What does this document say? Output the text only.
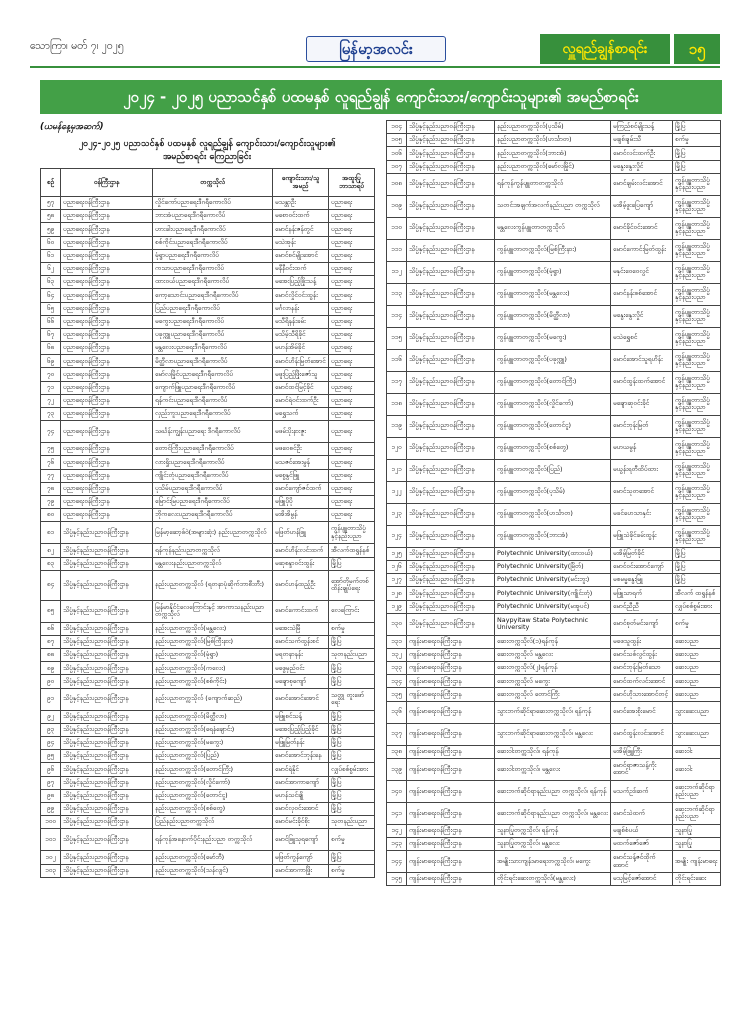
သောကြာ၊ မတ် ၇၊ ၂၀၂၅	မြန်မာ့အလင်း	လှူရည်ချွန်စာရင်း	၁၅
၂၀၂၄ - ၂၀၂၅ ပညာသင်နှစ် ပထမနှစ် လူရည်ချွန် ကျောင်းသား/ကျောင်းသူများ၏ အမည်စာရင်း
(ယမန်နေ့မှအဆက်)
၂၀၂၄-၂၀၂၅ ပညာသင်နှစ် ပထမနှစ် လူရည်ချွန် ကျောင်းသား/ကျောင်းသူများ၏
အမည်စာရင်း ကြေညာခြင်း
စဉ်	ဝန်ကြီးဌာန	တက္ကသိုလ်	ကျောင်းသား/သူ အမည်	အထူးပြု ဘာသာရပ်
၅၇	ပညာရေးဝန်ကြီးဌာန	လှိုင်ကော်ပညာရေးဒီဂရီကောလိပ်	မသန္တာဦး	ပညာရေး
၅၈	ပညာရေးဝန်ကြီးဌာန	ဘားအံပညာရေးဒီဂရီကောလိပ်	မစောဝင်းထက်	ပညာရေး
၅၉	ပညာရေးဝန်ကြီးဌာန	ဟားခါးပညာရေးဒီဂရီကောလိပ်	မောင်နန်းဇန်တွင်	ပညာရေး
၆၀	ပညာရေးဝန်ကြီးဌာန	စစ်ကိုင်းပညာရေးဒီဂရီကောလိပ်	မသဲအုန်း	ပညာရေး
၆၁	ပညာရေးဝန်ကြီးဌာန	မုံရွာပညာရေးဒီဂရီကောလိပ်	မောင်စင်မျိုးအောင်	ပညာရေး
၆၂	ပညာရေးဝန်ကြီးဌာန	ကသာပညာရေးဒီဂရီကောလိပ်	မနီနီဝင်းထက်	ပညာရေး
၆၃	ပညာရေးဝန်ကြီးဌာန	ထားဝယ်ပညာရေးဒီဂရီကောလိပ်	မအေးပြည့်ဖြိုးသန့်	ပညာရေး
၆၄	ပညာရေးဝန်ကြီးဌာန	ကော့သောင်းပညာရေးဒီဂရီကောလိပ်	မောင်လှိုင်ဝင်းထွန်း	ပညာရေး
၆၅	ပညာရေးဝန်ကြီးဌာန	ပြည်ပညာရေးဒီဂရီကောလိပ်	မင်္ဂလာနန်း	ပညာရေး
၆၆	ပညာရေးဝန်ကြီးဌာန	မကွေးပညာရေးဒီဂရီကောလိပ်	မသီရိနန်းခမ်း	ပညာရေး
၆၇	ပညာရေးဝန်ကြီးဌာန	ပခုက္ကူပညာရေးဒီဂရီကောလိပ်	မသိမ့်သီရိခိုင်	ပညာရေး
၆၈	ပညာရေးဝန်ကြီးဌာန	မန္တလေးပညာရေးဒီဂရီကောလိပ်	မဟန်အိမ်ခိုင်	ပညာရေး
၆၉	ပညာရေးဝန်ကြီးဌာန	မိတ္ထီလာပညာရေးဒီဂရီကောလိပ်	မောင်ဟိန်းမြတ်အောင်	ပညာရေး
၇၀	ပညာရေးဝန်ကြီးဌာန	မော်လမြိုင်ပညာရေးဒီဂရီကောလိပ်	မဖူးပြည့်ဖြိုးဇော်သူ	ပညာရေး
၇၁	ပညာရေးဝန်ကြီးဌာန	ကျောက်ဖြူပညာရေးဒီဂရီကောလိပ်	မောင်ထင်မြင့်ခိုင်	ပညာရေး
၇၂	ပညာရေးဝန်ကြီးဌာန	ရန်ကင်းပညာရေးဒီဂရီကောလိပ်	မောင်ရဲဝင်းထက်ဦး	ပညာရေး
၇၃	ပညာရေးဝန်ကြီးဌာန	လှည်းကူးပညာရေးဒီဂရီကောလိပ်	မရွှေသက်	ပညာရေး
၇၄	ပညာရေးဝန်ကြီးဌာန	သင်္ဃန်းကျွန်းပညာရေး ဒီဂရီကောလိပ်	မဖမ်းပိုးနားဇူး	ပညာရေး
၇၅	ပညာရေးဝန်ကြီးဌာန	တောင်ကြီးပညာရေးဒီဂရီကောလိပ်	မဖဝေစင်ဦး	ပညာရေး
၇၆	ပညာရေးဝန်ကြီးဌာန	လားရှိုးပညာရေးဒီဂရီကောလိပ်	မသဇင်အေးမွန်	ပညာရေး
၇၇	ပညာရေးဝန်ကြီးဌာန	ကျိုင်းတုံပညာရေးဒီဂရီကောလိပ်	မစွေနွင်ဖြူ	ပညာရေး
၇၈	ပညာရေးဝန်ကြီးဌာန	ပုသိမ်ပညာရေးဒီဂရီကောလိပ်	မောင်ကျော်ဇင်ထက်	ပညာရေး
၇၉	ပညာရေးဝန်ကြီးဌာန	မြောင်းမြပညာရေးဒီဂရီကောလိပ်	မဖြူပိုပို	ပညာရေး
၈၀	ပညာရေးဝန်ကြီးဌာန	ဘိုကလေးပညာရေးဒီဂရီကောလိပ်	မအိအိမွန်	ပညာရေး
၈၁	သိပ္ပံနှင့်နည်းပညာဝန်ကြီးဌာန	မြန်မာ့ဆော့ဖ်ဝဲ(အများဆုံး) နည်းပညာတက္ကသိုလ်	မဖြတ်ဟန်ဖြူ	ကွန်ပျူတာသိပ္ပံ နှင့်နည်းပညာ
၈၂	သိပ္ပံနှင့်နည်းပညာဝန်ကြီးဌာန	ရန်ကုန်နည်းပညာတက္ကသိုလ်	မောင်ဟိန်းလင်းထက်	အီလက်ထရွန်နစ်
၈၃	သိပ္ပံနှင့်နည်းပညာဝန်ကြီးဌာန	မန္တလေးနည်းပညာတက္ကသိုလ်	မဆုစန္ဒာဝင်းထွန်း	မြို့ပြ
၈၄	သိပ္ပံနှင့်နည်းပညာဝန်ကြီးဌာန	နည်းပညာတက္ကသိုလ် (ရတနာပုံဆိုက်ဘာစီးတီး)	မောင်ဟန်ထည့်ဦး	အော်တိုမက်တစ် ထိန်းချုပ်ရေး
၈၅	သိပ္ပံနှင့်နည်းပညာဝန်ကြီးဌာန	မြန်မာနိုင်ငံလေကြောင်းနှင့် အာကာသနည်းပညာတက္ကသိုလ်	မောင်ကောင်းထက်	လေကြောင်း
၈၆	သိပ္ပံနှင့်နည်းပညာဝန်ကြီးဌာန	နည်းပညာတက္ကသိုလ်(မန္တလေး)	မအေးသဲမြီ	စက်မှု
၈၇	သိပ္ပံနှင့်နည်းပညာဝန်ကြီးဌာန	နည်းပညာတက္ကသိုလ်(မြစ်ကြီးနား)	မောင်သက်ထွန်းစင်	မြို့ပြ
၈၈	သိပ္ပံနှင့်နည်းပညာဝန်ကြီးဌာန	နည်းပညာတက္ကသိုလ်(မုံရွာ)	မရတနာနန်း	သုတနည်းပညာ
၈၉	သိပ္ပံနှင့်နည်းပညာဝန်ကြီးဌာန	နည်းပညာတက္ကသိုလ်(ကလေး)	မဖွေမှည်ဝင်း	မြို့ပြ
၉၀	သိပ္ပံနှင့်နည်းပညာဝန်ကြီးဌာန	နည်းပညာတက္ကသိုလ်(စစ်ကိုင်း)	မချောစုကျော်	မြို့ပြ
၉၁	သိပ္ပံနှင့်နည်းပညာဝန်ကြီးဌာန	နည်းပညာတက္ကသိုလ် (ကျောက်ဆည်)	မောင်အောင်အောင်	သတ္တု တူးဖော်ရေး
၉၂	သိပ္ပံနှင့်နည်းပညာဝန်ကြီးဌာန	နည်းပညာတက္ကသိုလ်(မိတ္ထီလာ)	မဖြူစင်သန့်	မြို့ပြ
၉၃	သိပ္ပံနှင့်နည်းပညာဝန်ကြီးဌာန	နည်းပညာတက္ကသိုလ်(ရေနံချောင်း)	မအေးပြည့်ပြည့်ခိုင်	မြို့ပြ
၉၄	သိပ္ပံနှင့်နည်းပညာဝန်ကြီးဌာန	နည်းပညာတက္ကသိုလ်(မကွေး)	မဖြူမြတ်နန်း	မြို့ပြ
၉၅	သိပ္ပံနှင့်နည်းပညာဝန်ကြီးဌာန	နည်းပညာတက္ကသိုလ်(ပြည်)	မောင်အောင်ဘုန်းနေ	မြို့ပြ
၉၆	သိပ္ပံနှင့်နည်းပညာဝန်ကြီးဌာန	နည်းပညာတက္ကသိုလ်(တောင်ကြီး)	မောင်ရဲနိုင်	လျှပ်စစ်စွမ်းအား
၉၇	သိပ္ပံနှင့်နည်းပညာဝန်ကြီးဌာန	နည်းပညာတက္ကသိုလ်(လှိုင်ကော်)	မောင်အာကာကျော်	မြို့ပြ
၉၈	သိပ္ပံနှင့်နည်းပညာဝန်ကြီးဌာန	နည်းပညာတက္ကသိုလ်(တောင်ငူ)	မဟန်သင်ချို	မြို့ပြ
၉၉	သိပ္ပံနှင့်နည်းပညာဝန်ကြီးဌာန	နည်းပညာတက္ကသိုလ်(စစ်တွေ)	မောင်လှဝင်းအောင်	မြို့ပြ
၁၀၀	သိပ္ပံနှင့်နည်းပညာဝန်ကြီးဌာန	ပြည်နည်းပညာတက္ကသိုလ်	မောင်မင်းခိုင်စိုး	သုတနည်းပညာ
၁၀၁	သိပ္ပံနှင့်နည်းပညာဝန်ကြီးဌာန	ရန်ကုန်အနောက်ပိုင်းနည်းပညာ တက္ကသိုလ်	မောင်ဖြူသုရကျော်	စက်မှု
၁၀၂	သိပ္ပံနှင့်နည်းပညာဝန်ကြီးဌာန	နည်းပညာတက္ကသိုလ်(မော်ဘီ)	မဖြတ်ကွန်ကျော်	မြို့ပြ
၁၀၃	သိပ္ပံနှင့်နည်းပညာဝန်ကြီးဌာန	နည်းပညာတက္ကသိုလ်(သန်လျင်)	မောင်အာကာဖြိုး	စက်မှု
၁၀၄	သိပ္ပံနှင့်နည်းပညာဝန်ကြီးဌာန	နည်းပညာတက္ကသိုလ်(ပုသိမ်)	မကြည်စင်မျိုးသန့်	မြို့ပြ
၁၀၅	သိပ္ပံနှင့်နည်းပညာဝန်ကြီးဌာန	နည်းပညာတက္ကသိုလ်(ဟင်္သာတ)	မချစ်ချမ်းသီ	စက်မှု
၁၀၆	သိပ္ပံနှင့်နည်းပညာဝန်ကြီးဌာန	နည်းပညာတက္ကသိုလ်(ဘားအံ)	မောင်လင်းထက်ဦး	မြို့ပြ
၁၀၇	သိပ္ပံနှင့်နည်းပညာဝန်ကြီးဌာန	နည်းပညာတက္ကသိုလ်(မော်လမြိုင်)	မနွေးနွေးလှိုင်	မြို့ပြ
၁၀၈	သိပ္ပံနှင့်နည်းပညာဝန်ကြီးဌာန	ရန်ကုန်ကွန်ပျူတာတက္ကသိုလ်	မောင်ချမ်းလင်းအောင်	ကွန်ပျူတာသိပ္ပံ နှင့်နည်းပညာ
၁၀၉	သိပ္ပံနှင့်နည်းပညာဝန်ကြီးဌာန	သတင်းအချက်အလက်နည်းပညာ တက္ကသိုလ်	မအိမ့်ဖူးပြေကျော်	ကွန်ပျူတာသိပ္ပံ နှင့်နည်းပညာ
၁၁၀	သိပ္ပံနှင့်နည်းပညာဝန်ကြီးဌာန	မန္တလေးကွန်ပျူတာတက္ကသိုလ်	မောင်ခိုင်ဝင်းအောင်	ကွန်ပျူတာသိပ္ပံ နှင့်နည်းပညာ
၁၁၁	သိပ္ပံနှင့်နည်းပညာဝန်ကြီးဌာန	ကွန်ပျူတာတက္ကသိုလ်(မြစ်ကြီးနား)	မောင်ကောင်းမြတ်ထွန်း	ကွန်ပျူတာသိပ္ပံ နှင့်နည်းပညာ
၁၁၂	သိပ္ပံနှင့်နည်းပညာဝန်ကြီးဌာန	ကွန်ပျူတာတက္ကသိုလ်(မုံရွာ)	မနှင်းဝေဝေလွင်	ကွန်ပျူတာသိပ္ပံ နှင့်နည်းပညာ
၁၁၃	သိပ္ပံနှင့်နည်းပညာဝန်ကြီးဌာန	ကွန်ပျူတာတက္ကသိုလ်(မန္တလေး)	မောင်နန်းစစ်အောင်	ကွန်ပျူတာသိပ္ပံ နှင့်နည်းပညာ
၁၁၄	သိပ္ပံနှင့်နည်းပညာဝန်ကြီးဌာန	ကွန်ပျူတာတက္ကသိုလ်(မိတ္ထီလာ)	မနွေးနွေးလှိုင်	ကွန်ပျူတာသိပ္ပံ နှင့်နည်းပညာ
၁၁၅	သိပ္ပံနှင့်နည်းပညာဝန်ကြီးဌာန	ကွန်ပျူတာတက္ကသိုလ်(မကွေး)	မသဲရွှေစင်	ကွန်ပျူတာသိပ္ပံ နှင့်နည်းပညာ
၁၁၆	သိပ္ပံနှင့်နည်းပညာဝန်ကြီးဌာန	ကွန်ပျူတာတက္ကသိုလ်(ပခုက္ကူ)	မောင်အောင်သူရဟိန်း	ကွန်ပျူတာသိပ္ပံ နှင့်နည်းပညာ
၁၁၇	သိပ္ပံနှင့်နည်းပညာဝန်ကြီးဌာန	ကွန်ပျူတာတက္ကသိုလ်(တောင်ကြီး)	မောင်ထွန်းထက်အောင်	ကွန်ပျူတာသိပ္ပံ နှင့်နည်းပညာ
၁၁၈	သိပ္ပံနှင့်နည်းပညာဝန်ကြီးဌာန	ကွန်ပျူတာတက္ကသိုလ်(လှိုင်ကော်)	မချောဆုဝင်းခိုင်	ကွန်ပျူတာသိပ္ပံ နှင့်နည်းပညာ
၁၁၉	သိပ္ပံနှင့်နည်းပညာဝန်ကြီးဌာန	ကွန်ပျူတာတက္ကသိုလ်(တောင်ငူ)	မောင်ဘုန်းမြတ်	ကွန်ပျူတာသိပ္ပံ နှင့်နည်းပညာ
၁၂၀	သိပ္ပံနှင့်နည်းပညာဝန်ကြီးဌာန	ကွန်ပျူတာတက္ကသိုလ်(စစ်တွေ)	မဟယမွန်	ကွန်ပျူတာသိပ္ပံ နှင့်နည်းပညာ
၁၂၁	သိပ္ပံနှင့်နည်းပညာဝန်ကြီးဌာန	ကွန်ပျူတာတက္ကသိုလ်(ပြည်)	မယွန်းရတီထိပ်ထား	ကွန်ပျူတာသိပ္ပံ နှင့်နည်းပညာ
၁၂၂	သိပ္ပံနှင့်နည်းပညာဝန်ကြီးဌာန	ကွန်ပျူတာတက္ကသိုလ်(ပုသိမ်)	မောင်သုတအောင်	ကွန်ပျူတာသိပ္ပံ နှင့်နည်းပညာ
၁၂၃	သိပ္ပံနှင့်နည်းပညာဝန်ကြီးဌာန	ကွန်ပျူတာတက္ကသိုလ်(ဟင်္သာတ)	မခင်ဟေသာနှင်း	ကွန်ပျူတာသိပ္ပံ နှင့်နည်းပညာ
၁၂၄	သိပ္ပံနှင့်နည်းပညာဝန်ကြီးဌာန	ကွန်ပျူတာတက္ကသိုလ်(ဘားအံ)	မဖြူသဲခိုင်ခမ်းထွန်း	ကွန်ပျူတာသိပ္ပံ နှင့်နည်းပညာ
၁၂၅	သိပ္ပံနှင့်နည်းပညာဝန်ကြီးဌာန	Polytechnic University(ထားဝယ်)	မအိမ့်မြတ်ခိုင်	မြို့ပြ
၁၂၆	သိပ္ပံနှင့်နည်းပညာဝန်ကြီးဌာန	Polytechnic University(မြိတ်)	မောင်ဝင်းအောင်ကျော်	မြို့ပြ
၁၂၇	သိပ္ပံနှင့်နည်းပညာဝန်ကြီးဌာန	Polytechnic University(မင်းဘူး)	မစမမ္မနွေးမြူ	မြို့ပြ
၁၂၈	သိပ္ပံနှင့်နည်းပညာဝန်ကြီးဌာန	Polytechnic University(ကျိုင်းတုံ)	မဖြူသာရက်	အီလက် ထရွန်နစ်
၁၂၉	သိပ္ပံနှင့်နည်းပညာဝန်ကြီးဌာန	Polytechnic University(မအူပင်)	မောင်ညီညီ	လျှပ်စစ်စွမ်းအား
၁၃၀	သိပ္ပံနှင့်နည်းပညာဝန်ကြီးဌာန	Naypyitaw State Polytechnic University	မောင်စုတ်မင်းကျော်	စက်မှု
၁၃၁	ကျန်းမာရေးဝန်ကြီးဌာန	ဆေးတက္ကသိုလ်(၁)ရန်ကုန်	မဖေသူထွန်း	ဆေးပညာ
၁၃၂	ကျန်းမာရေးဝန်ကြီးဌာန	ဆေးတက္ကသိုလ် မန္တလေး	မောင်သစ်လွင်ထွန်း	ဆေးပညာ
၁၃၃	ကျန်းမာရေးဝန်ကြီးဌာန	ဆေးတက္ကသိုလ်(၂)ရန်ကုန်	မောင်ဘုန်းမြတ်သော	ဆေးပညာ
၁၃၄	ကျန်းမာရေးဝန်ကြီးဌာန	ဆေးတက္ကသိုလ် မကွေး	မောင်ထက်လင်းအောင်	ဆေးပညာ
၁၃၅	ကျန်းမာရေးဝန်ကြီးဌာန	ဆေးတက္ကသိုလ် တောင်ကြီး	မောင်ဟိုသားအောင်တင့်	ဆေးပညာ
၁၃၆	ကျန်းမာရေးဝန်ကြီးဌာန	သွားဘက်ဆိုင်ရာဆေးတက္ကသိုလ်၊ ရန်ကုန်	မောင်အေးစိုးမောင်	သွားဆေးပညာ
၁၃၇	ကျန်းမာရေးဝန်ကြီးဌာန	သွားဘက်ဆိုင်ရာဆေးတက္ကသိုလ်၊ မန္တလေး	မောင်ထွန်းလင်းအောင်	သွားဆေးပညာ
၁၃၈	ကျန်းမာရေးဝန်ကြီးဌာန	ဆေးဝါးတက္ကသိုလ်၊ ရန်ကုန်	မအိမ့်ဖြူကြီး	ဆေးဝါး
၁၃၉	ကျန်းမာရေးဝန်ကြီးဌာန	ဆေးဝါးတက္ကသိုလ်၊ မန္တလေး	မောင်ရာဇာသန့်ကိုး အောင်	ဆေးဝါး
၁၄၀	ကျန်းမာရေးဝန်ကြီးဌာန	ဆေးဘက်ဆိုင်ရာနည်းပညာ တက္ကသိုလ်၊ ရန်ကုန်	မသက်ဥဒ်ဆက်	ဆေးဘက်ဆိုင်ရာ နည်းပညာ
၁၄၁	ကျန်းမာရေးဝန်ကြီးဌာန	ဆေးဘက်ဆိုင်ရာနည်းပညာ တက္ကသိုလ်၊ မန္တလေး	မောင်သဲထက်	ဆေးဘက်ဆိုင်ရာ နည်းပညာ
၁၄၂	ကျန်းမာရေးဝန်ကြီးဌာန	သူနာပြုတက္ကသိုလ်၊ ရန်ကုန်	မချစ်စံပယ်	သူနာပြု
၁၄၃	ကျန်းမာရေးဝန်ကြီးဌာန	သူနာပြုတက္ကသိုလ်၊ မန္တလေး	မထက်ဇော်ဇော်	သူနာပြု
၁၄၄	ကျန်းမာရေးဝန်ကြီးဌာန	အမျိုးသားကျန်းမာရေးတက္ကသိုလ်၊ မကွေး	မောင်သန့်ဇင်ထိုက်အောင်	အမျိုး ကျန်းမာရေး
၁၄၅	ကျန်းမာရေးဝန်ကြီးဌာန	တိုင်းရင်းဆေးတက္ကသိုလ်(မန္တလေး)	မသုမြင့်ဇော်အောင်	တိုင်းရင်းဆေး
